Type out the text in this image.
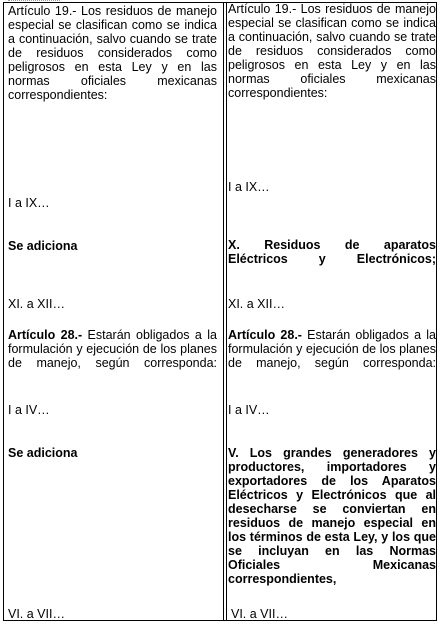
Artículo 19.- Los residuos de manejo especial se clasifican como se indica a continuación, salvo cuando se trate de residuos considerados como peligrosos en esta Ley y en las normas oficiales mexicanas correspondientes:

I a IX…

Se adiciona

XI. a XII…

Artículo 28.- Estarán obligados a la formulación y ejecución de los planes de manejo, según corresponda:

I a IV…

Se adiciona

VI. a VII…

Artículo 19.- Los residuos de manejo especial se clasifican como se indica a continuación, salvo cuando se trate de residuos considerados como peligrosos en esta Ley y en las normas oficiales mexicanas correspondientes:

I a IX…

X. Residuos de aparatos Eléctricos y Electrónicos;

XI. a XII…

Artículo 28.- Estarán obligados a la formulación y ejecución de los planes de manejo, según corresponda:

I a IV…

V. Los grandes generadores y productores, importadores y exportadores de los Aparatos Eléctricos y Electrónicos que al desecharse se conviertan en residuos de manejo especial en los términos de esta Ley, y los que se incluyan en las Normas Oficiales Mexicanas correspondientes,

VI. a VII…
